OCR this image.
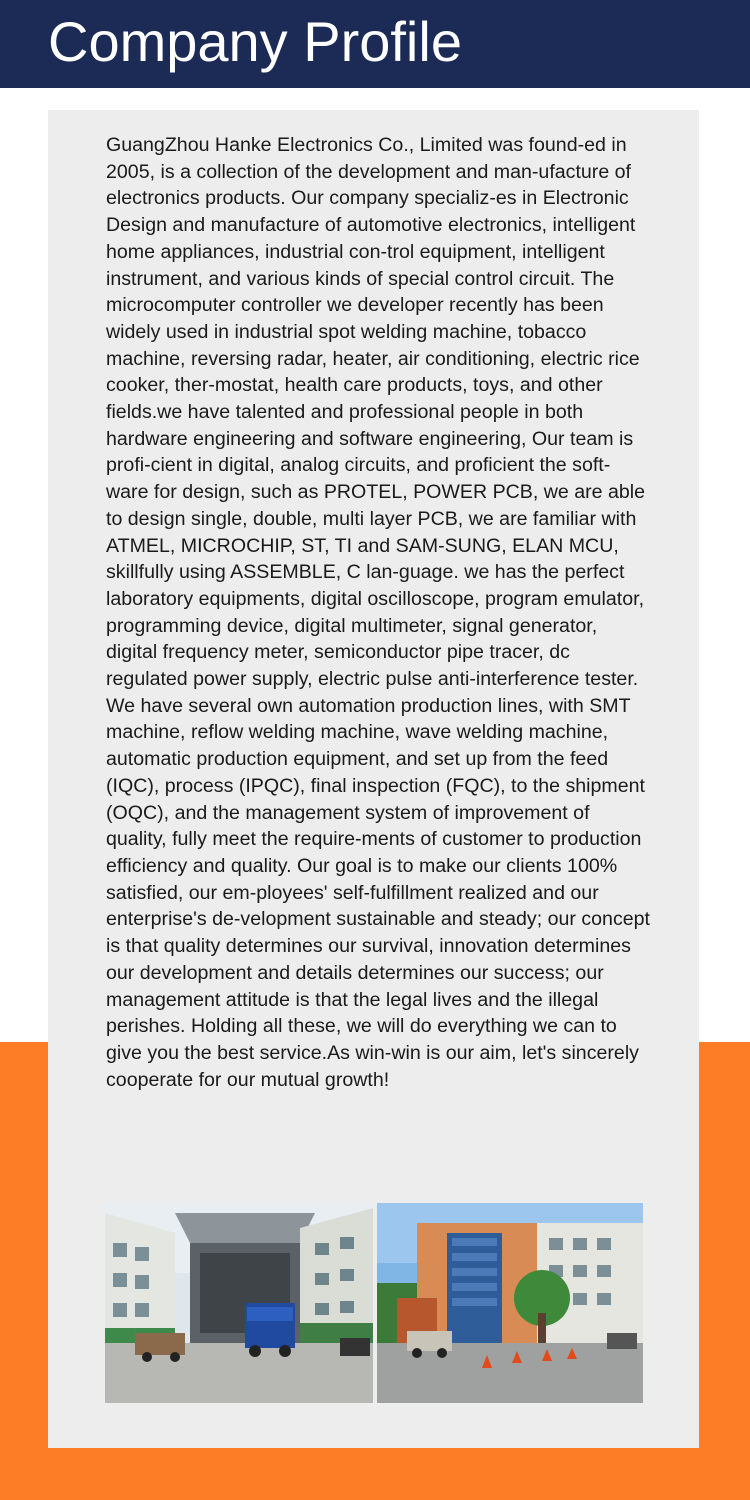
Company Profile

GuangZhou Hanke Electronics Co., Limited was found-ed in 2005, is a collection of the development and man-ufacture of electronics products. Our company specializ-es in Electronic Design and manufacture of automotive electronics, intelligent home appliances, industrial con-trol equipment, intelligent instrument, and various kinds of special control circuit. The microcomputer controller we developer recently has been widely used in industrial spot welding machine, tobacco machine, reversing radar, heater, air conditioning, electric rice cooker, ther-mostat, health care products, toys, and other fields.we have talented and professional people in both hardware engineering and software engineering, Our team is profi-cient in digital, analog circuits, and proficient the soft-ware for design, such as PROTEL, POWER PCB, we are able to design single, double, multi layer PCB, we are familiar with ATMEL, MICROCHIP, ST, TI and SAM-SUNG, ELAN MCU, skillfully using ASSEMBLE, C lan-guage. we has the perfect laboratory equipments, digital oscilloscope, program emulator, programming device, digital multimeter, signal generator, digital frequency meter, semiconductor pipe tracer, dc regulated power supply, electric pulse anti-interference tester.

We have several own automation production lines, with SMT machine, reflow welding machine, wave welding machine, automatic production equipment, and set up from the feed (IQC), process (IPQC), final inspection (FQC), to the shipment (OQC), and the management system of improvement of quality, fully meet the require-ments of customer to production efficiency and quality. Our goal is to make our clients 100% satisfied, our em-ployees' self-fulfillment realized and our enterprise's de-velopment sustainable and steady; our concept is that quality determines our survival, innovation determines our development and details determines our success; our management attitude is that the legal lives and the illegal perishes. Holding all these, we will do everything we can to give you the best service.As win-win is our aim, let's sincerely cooperate for our mutual growth!
